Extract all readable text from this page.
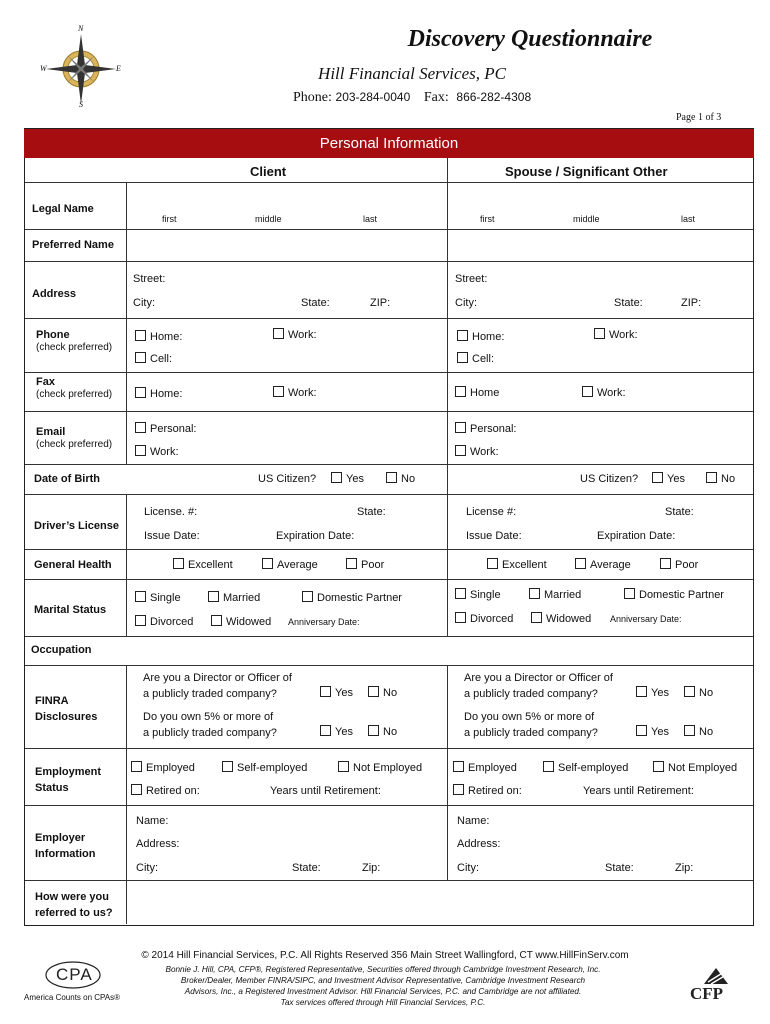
N
S
W	E
Discovery Questionnaire
Hill Financial Services, PC
Phone: 203-284-0040 Fax: 866-282-4308
Page 1 of 3
Personal Information
Client	Spouse / Significant Other
Legal Name
first	middle	last	first	middle	last
Preferred Name
Address
Street:
City:	State:	ZIP:
Street:
City:	State:	ZIP:
Phone
(check preferred)
Home:	Work:
Cell:
Home:	Work:
Cell:
Fax
(check preferred)	Home:	Work:	Home	Work:
Email
(check preferred)
Personal:
Work:
Personal:
Work:
Date of Birth	US Citizen?	Yes	No	US Citizen?	Yes	No
Driver’s License
License. #:	State:
Issue Date:	Expiration Date:
License #:	State:
Issue Date:	Expiration Date:
General Health	Excellent	Average	Poor	Excellent	Average	Poor
Marital Status
Single	Married	Domestic Partner
Divorced	Widowed Anniversary Date:
Single	Married	Domestic Partner
Divorced	Widowed Anniversary Date:
Occupation
FINRA
Disclosures
Are you a Director or Officer of
a publicly traded company?	Yes	No
Do you own 5% or more of
a publicly traded company?	Yes	No
Are you a Director or Officer of
a publicly traded company?	Yes	No
Do you own 5% or more of
a publicly traded company?	Yes	No
Employment
Status
Employed	Self-employed	Not Employed
Retired on:	Years until Retirement:
Employed	Self-employed	Not Employed
Retired on:	Years until Retirement:
Employer
Information
Name:
Address:
City:	State:	Zip:
Name:
Address:
City:	State:	Zip:
How were you
referred to us?
© 2014 Hill Financial Services, P.C. All Rights Reserved 356 Main Street Wallingford, CT www.HillFinServ.com
Bonnie J. Hill, CPA, CFP®, Registered Representative, Securities offered through Cambridge Investment Research, Inc.
Broker/Dealer, Member FINRA/SIPC, and Investment Advisor Representative, Cambridge Investment Research
Advisors, Inc., a Registered Investment Advisor. Hill Financial Services, P.C. and Cambridge are not affiliated.
Tax services offered through Hill Financial Services, P.C.
CPA
America Counts on CPAs®	CFP
